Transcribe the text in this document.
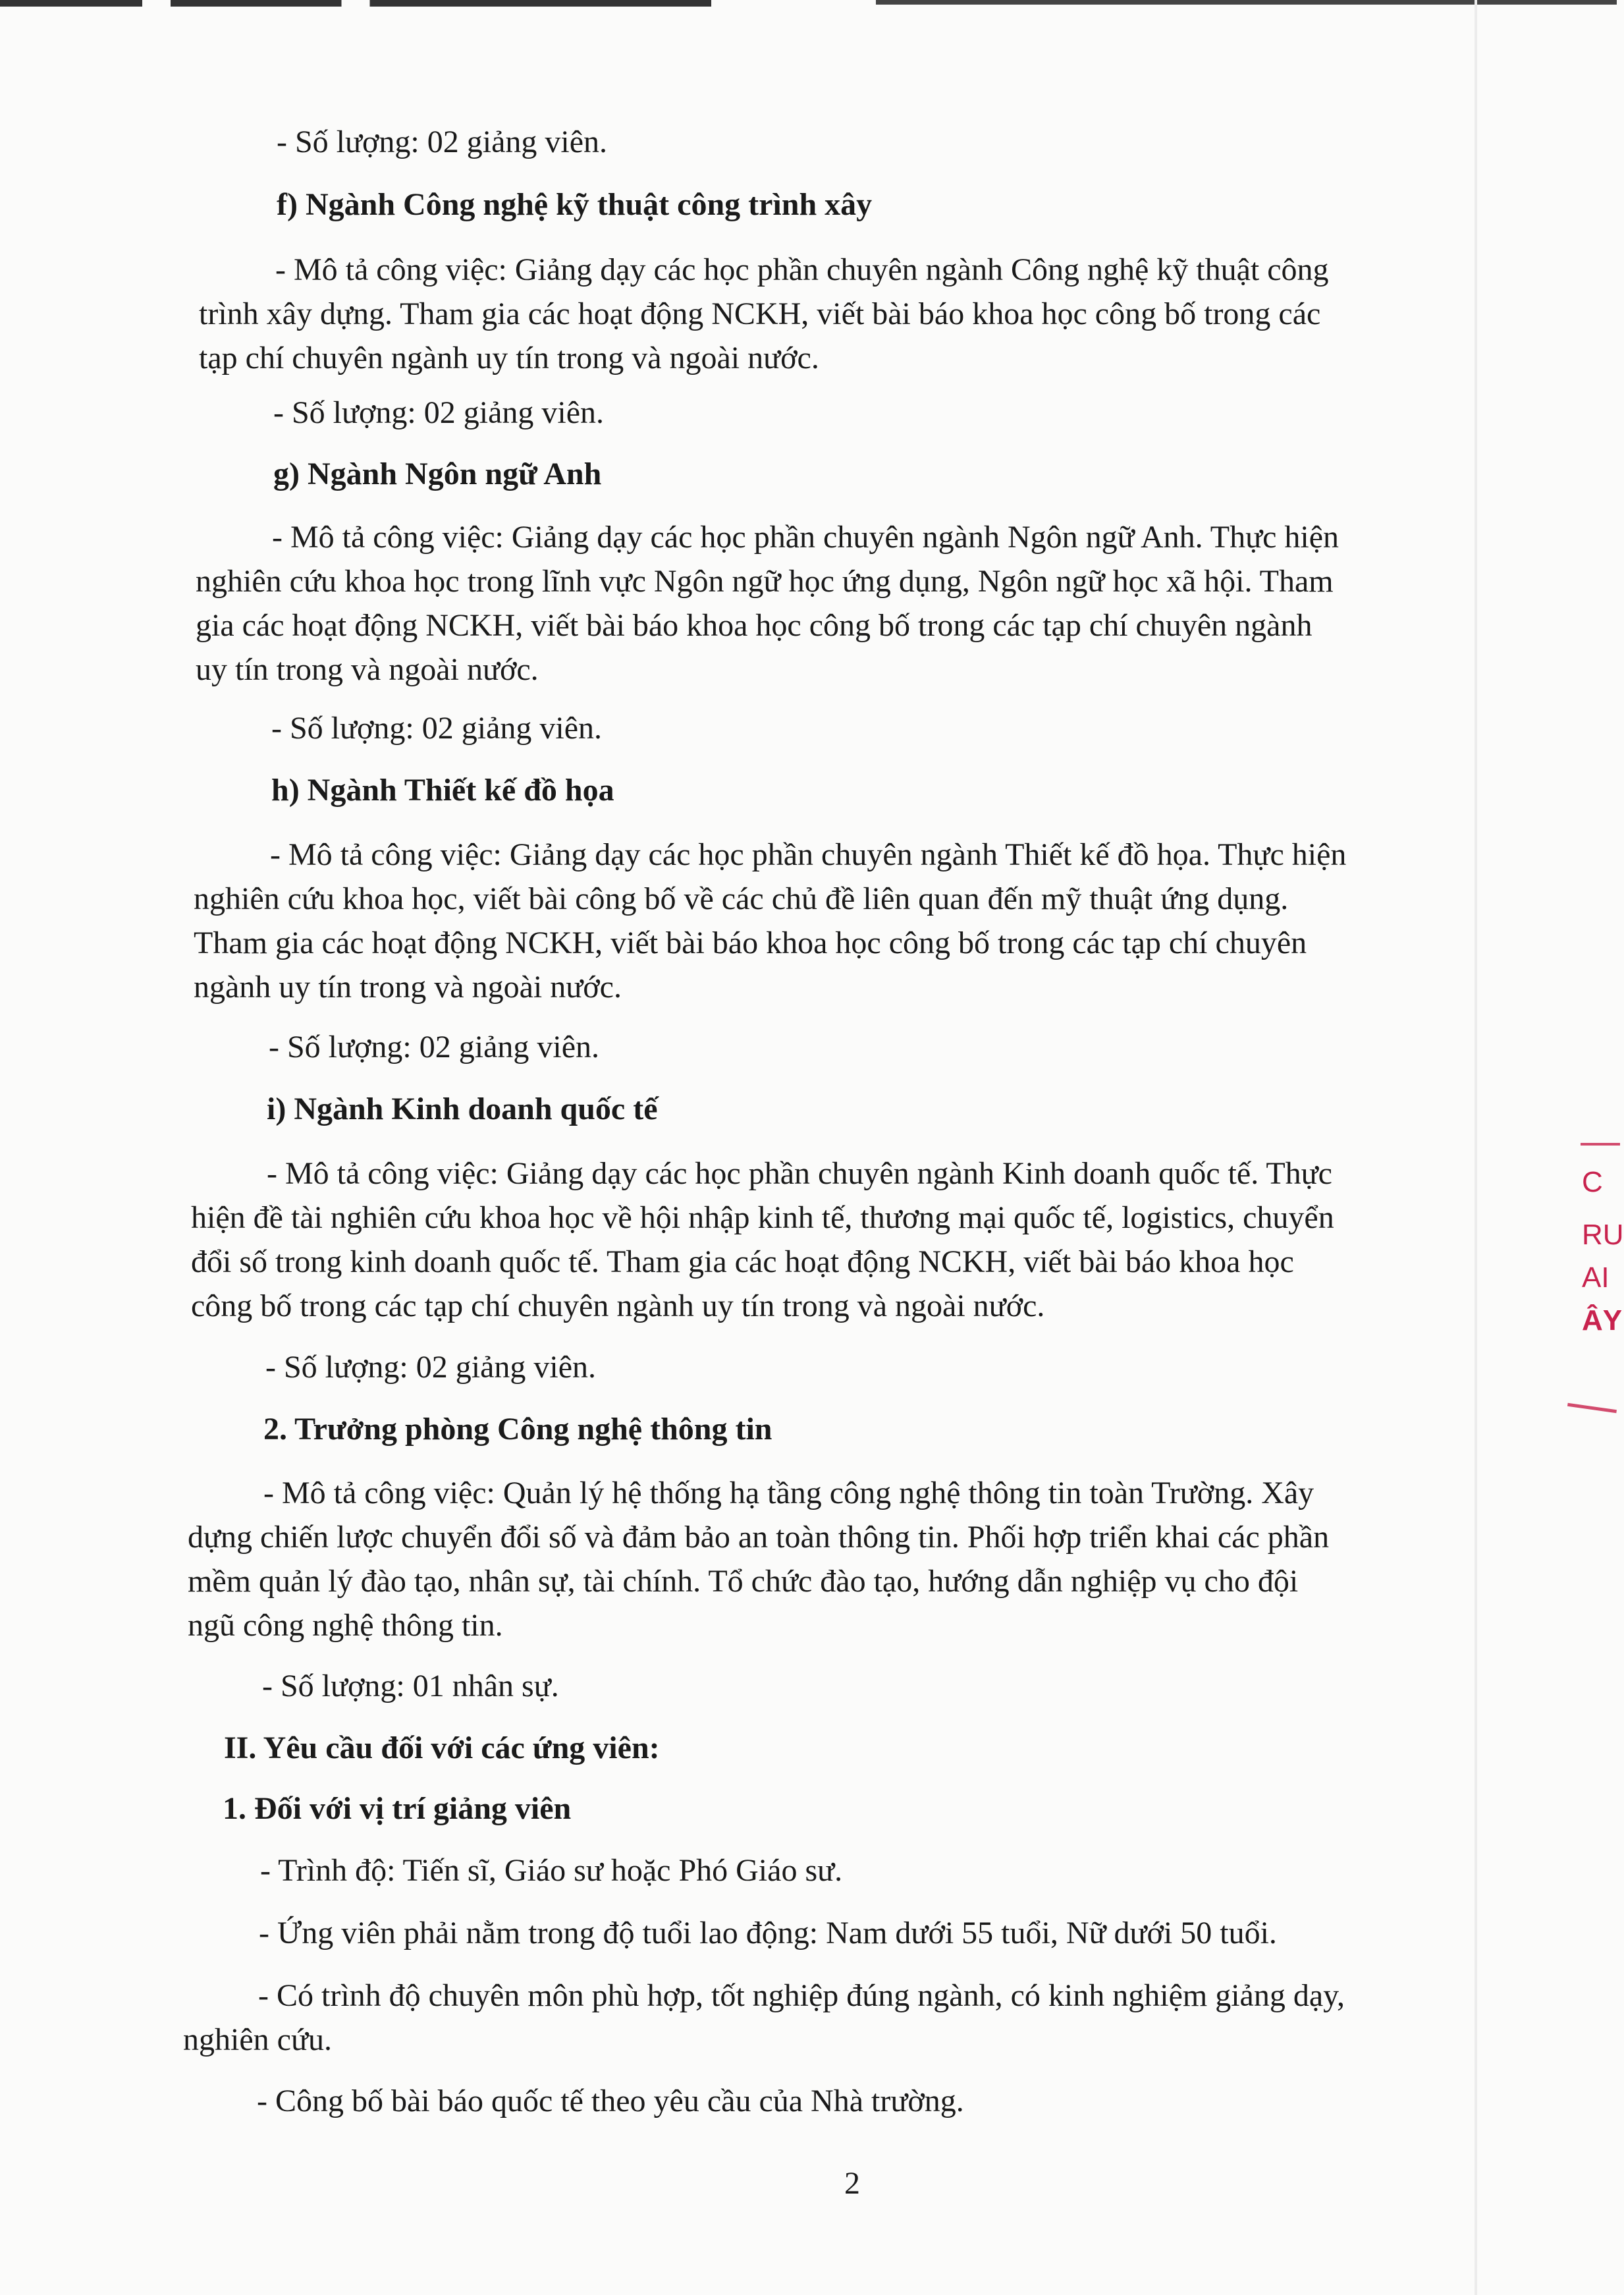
- Số lượng: 02 giảng viên.
f) Ngành Công nghệ kỹ thuật công trình xây
- Mô tả công việc: Giảng dạy các học phần chuyên ngành Công nghệ kỹ thuật công
trình xây dựng. Tham gia các hoạt động NCKH, viết bài báo khoa học công bố trong các
tạp chí chuyên ngành uy tín trong và ngoài nước.
- Số lượng: 02 giảng viên.
g) Ngành Ngôn ngữ Anh
- Mô tả công việc: Giảng dạy các học phần chuyên ngành Ngôn ngữ Anh. Thực hiện
nghiên cứu khoa học trong lĩnh vực Ngôn ngữ học ứng dụng, Ngôn ngữ học xã hội. Tham
gia các hoạt động NCKH, viết bài báo khoa học công bố trong các tạp chí chuyên ngành
uy tín trong và ngoài nước.
- Số lượng: 02 giảng viên.
h) Ngành Thiết kế đồ họa
- Mô tả công việc: Giảng dạy các học phần chuyên ngành Thiết kế đồ họa. Thực hiện
nghiên cứu khoa học, viết bài công bố về các chủ đề liên quan đến mỹ thuật ứng dụng.
Tham gia các hoạt động NCKH, viết bài báo khoa học công bố trong các tạp chí chuyên
ngành uy tín trong và ngoài nước.
- Số lượng: 02 giảng viên.
i) Ngành Kinh doanh quốc tế
- Mô tả công việc: Giảng dạy các học phần chuyên ngành Kinh doanh quốc tế. Thực
hiện đề tài nghiên cứu khoa học về hội nhập kinh tế, thương mại quốc tế, logistics, chuyển
đổi số trong kinh doanh quốc tế. Tham gia các hoạt động NCKH, viết bài báo khoa học
công bố trong các tạp chí chuyên ngành uy tín trong và ngoài nước.
- Số lượng: 02 giảng viên.
2. Trưởng phòng Công nghệ thông tin
- Mô tả công việc: Quản lý hệ thống hạ tầng công nghệ thông tin toàn Trường. Xây
dựng chiến lược chuyển đổi số và đảm bảo an toàn thông tin. Phối hợp triển khai các phần
mềm quản lý đào tạo, nhân sự, tài chính. Tổ chức đào tạo, hướng dẫn nghiệp vụ cho đội
ngũ công nghệ thông tin.
- Số lượng: 01 nhân sự.
II. Yêu cầu đối với các ứng viên:
1. Đối với vị trí giảng viên
- Trình độ: Tiến sĩ, Giáo sư hoặc Phó Giáo sư.
- Ứng viên phải nằm trong độ tuổi lao động: Nam dưới 55 tuổi, Nữ dưới 50 tuổi.
- Có trình độ chuyên môn phù hợp, tốt nghiệp đúng ngành, có kinh nghiệm giảng dạy,
nghiên cứu.
- Công bố bài báo quốc tế theo yêu cầu của Nhà trường.
2
C
RU
AI
ÂY
